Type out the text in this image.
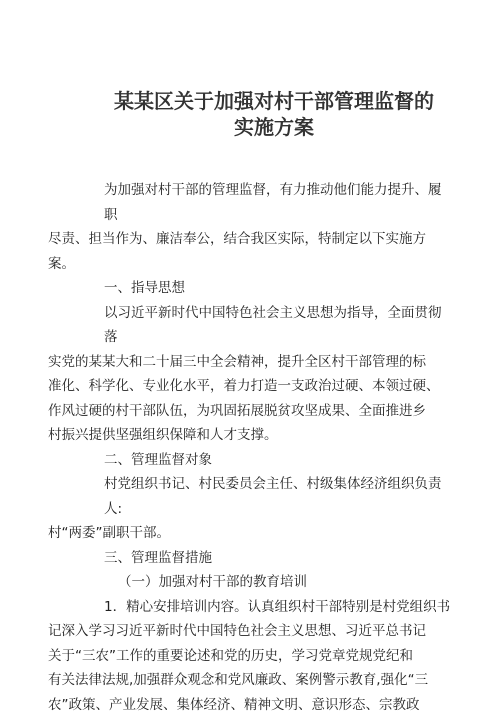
某某区关于加强对村干部管理监督的
实施方案

为加强对村干部的管理监督，有力推动他们能力提升、履职

尽责、担当作为、廉洁奉公，结合我区实际，特制定以下实施方

案。

一、指导思想

以习近平新时代中国特色社会主义思想为指导，全面贯彻落

实党的某某大和二十届三中全会精神，提升全区村干部管理的标

准化、科学化、专业化水平，着力打造一支政治过硬、本领过硬、

作风过硬的村干部队伍，为巩固拓展脱贫攻坚成果、全面推进乡

村振兴提供坚强组织保障和人才支撑。

二、管理监督对象

村党组织书记、村民委员会主任、村级集体经济组织负责人:

村“两委”副职干部。

三、管理监督措施

（一）加强对村干部的教育培训

1．精心安排培训内容。认真组织村干部特别是村党组织书

记深入学习习近平新时代中国特色社会主义思想、习近平总书记

关于“三农”工作的重要论述和党的历史，学习党章党规党纪和

有关法律法规,加强群众观念和党风廉政、案例警示教育,强化“三

农”政策、产业发展、集体经济、精神文明、意识形态、宗教政
